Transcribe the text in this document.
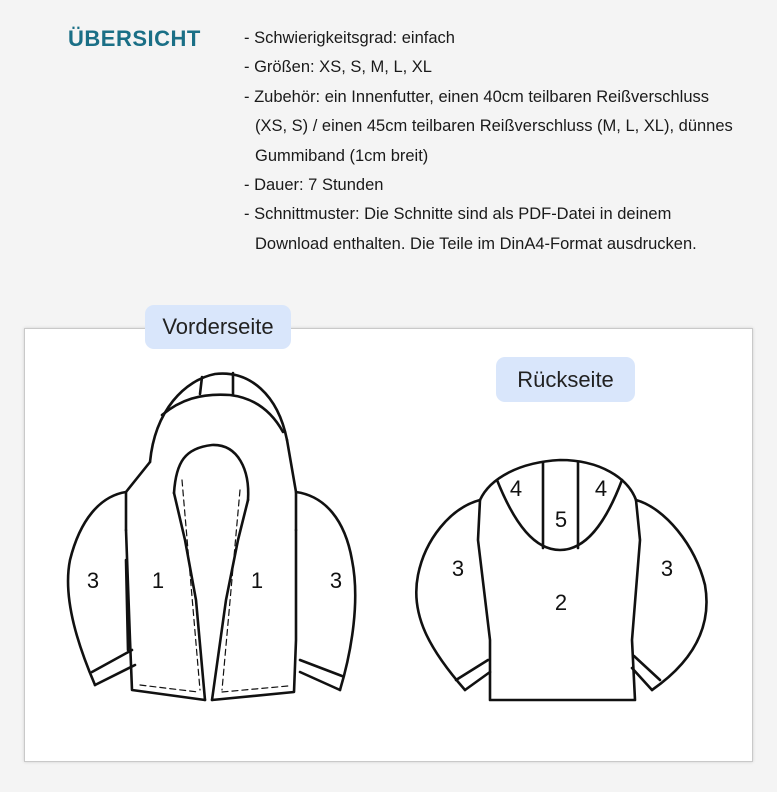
ÜBERSICHT	- Schwierigkeitsgrad: einfach
- Größen: XS, S, M, L, XL
- Zubehör: ein Innenfutter, einen 40cm teilbaren Reißverschluss (XS, S) / einen 45cm teilbaren Reißverschluss (M, L, XL), dünnes Gummiband (1cm breit)
- Dauer: 7 Stunden
- Schnittmuster: Die Schnitte sind als PDF-Datei in deinem Download enthalten. Die Teile im DinA4-Format ausdrucken.
3 1	1	3
4	4
5
3
2
3
Vorderseite
Rückseite
